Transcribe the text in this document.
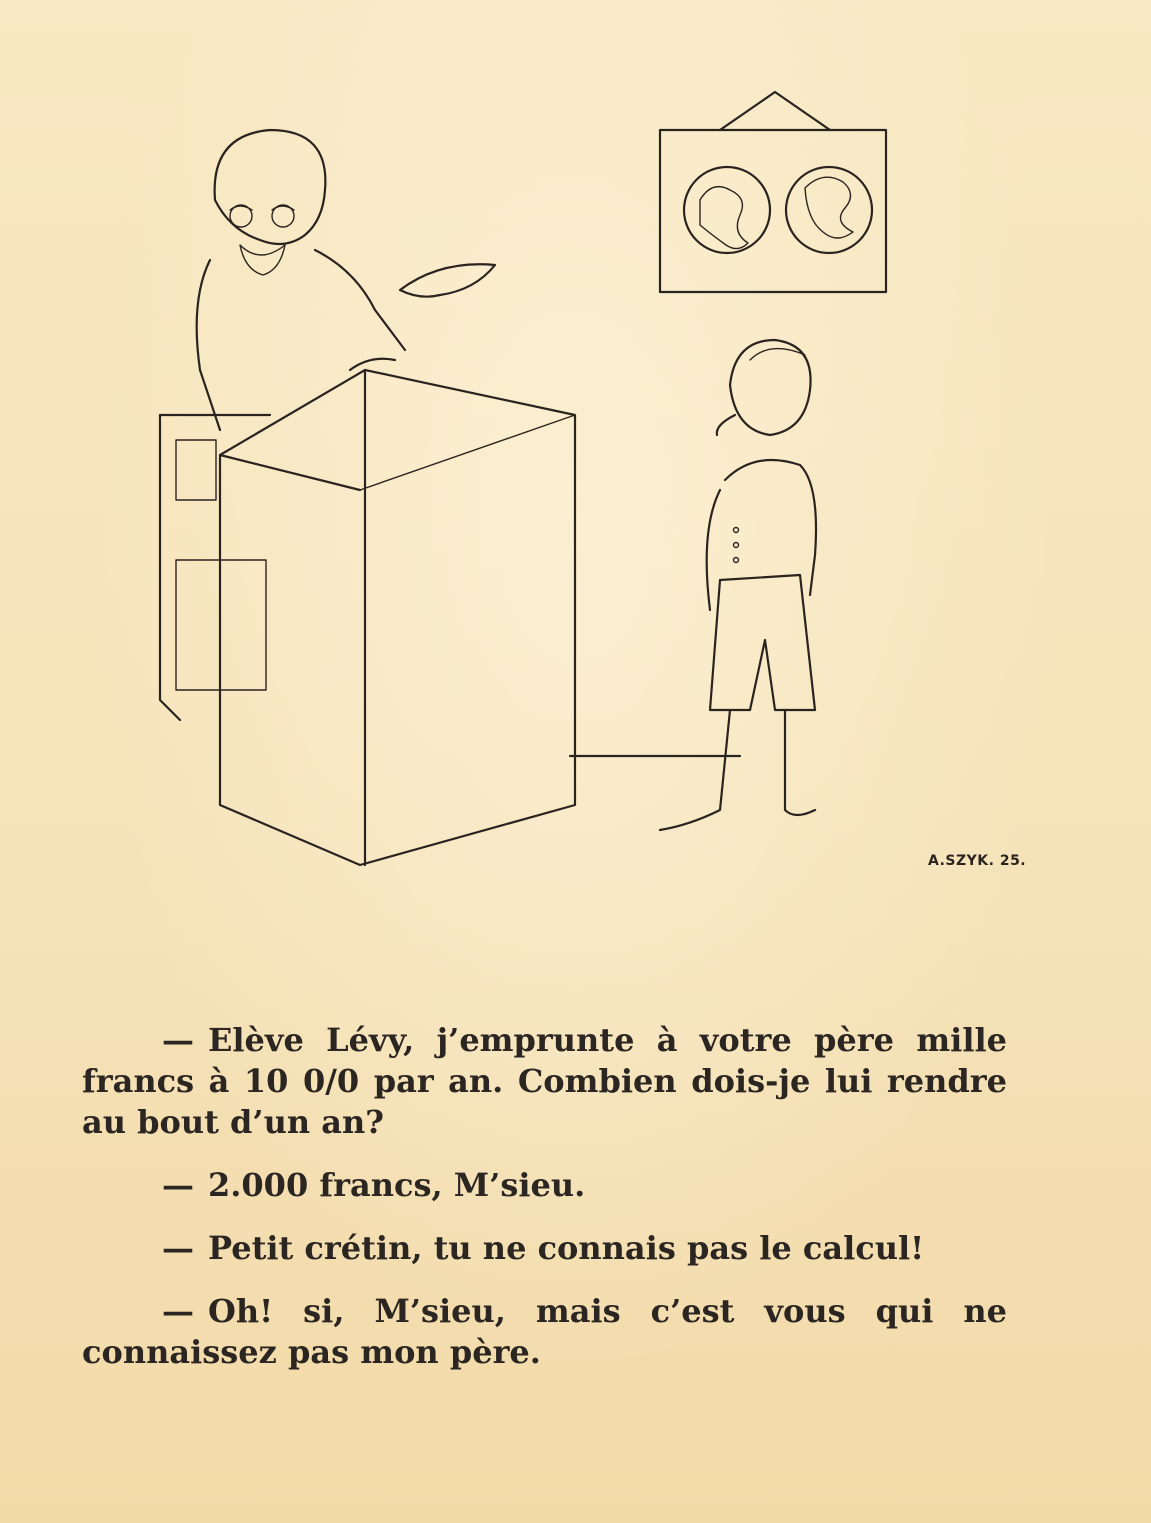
A.SZYK. 25.

— Elève Lévy, j’emprunte à votre père mille francs à 10 0/0 par an. Combien dois-je lui rendre au bout d’un an?

— 2.000 francs, M’sieu.

— Petit crétin, tu ne connais pas le calcul!

— Oh! si, M’sieu, mais c’est vous qui ne connaissez pas mon père.
